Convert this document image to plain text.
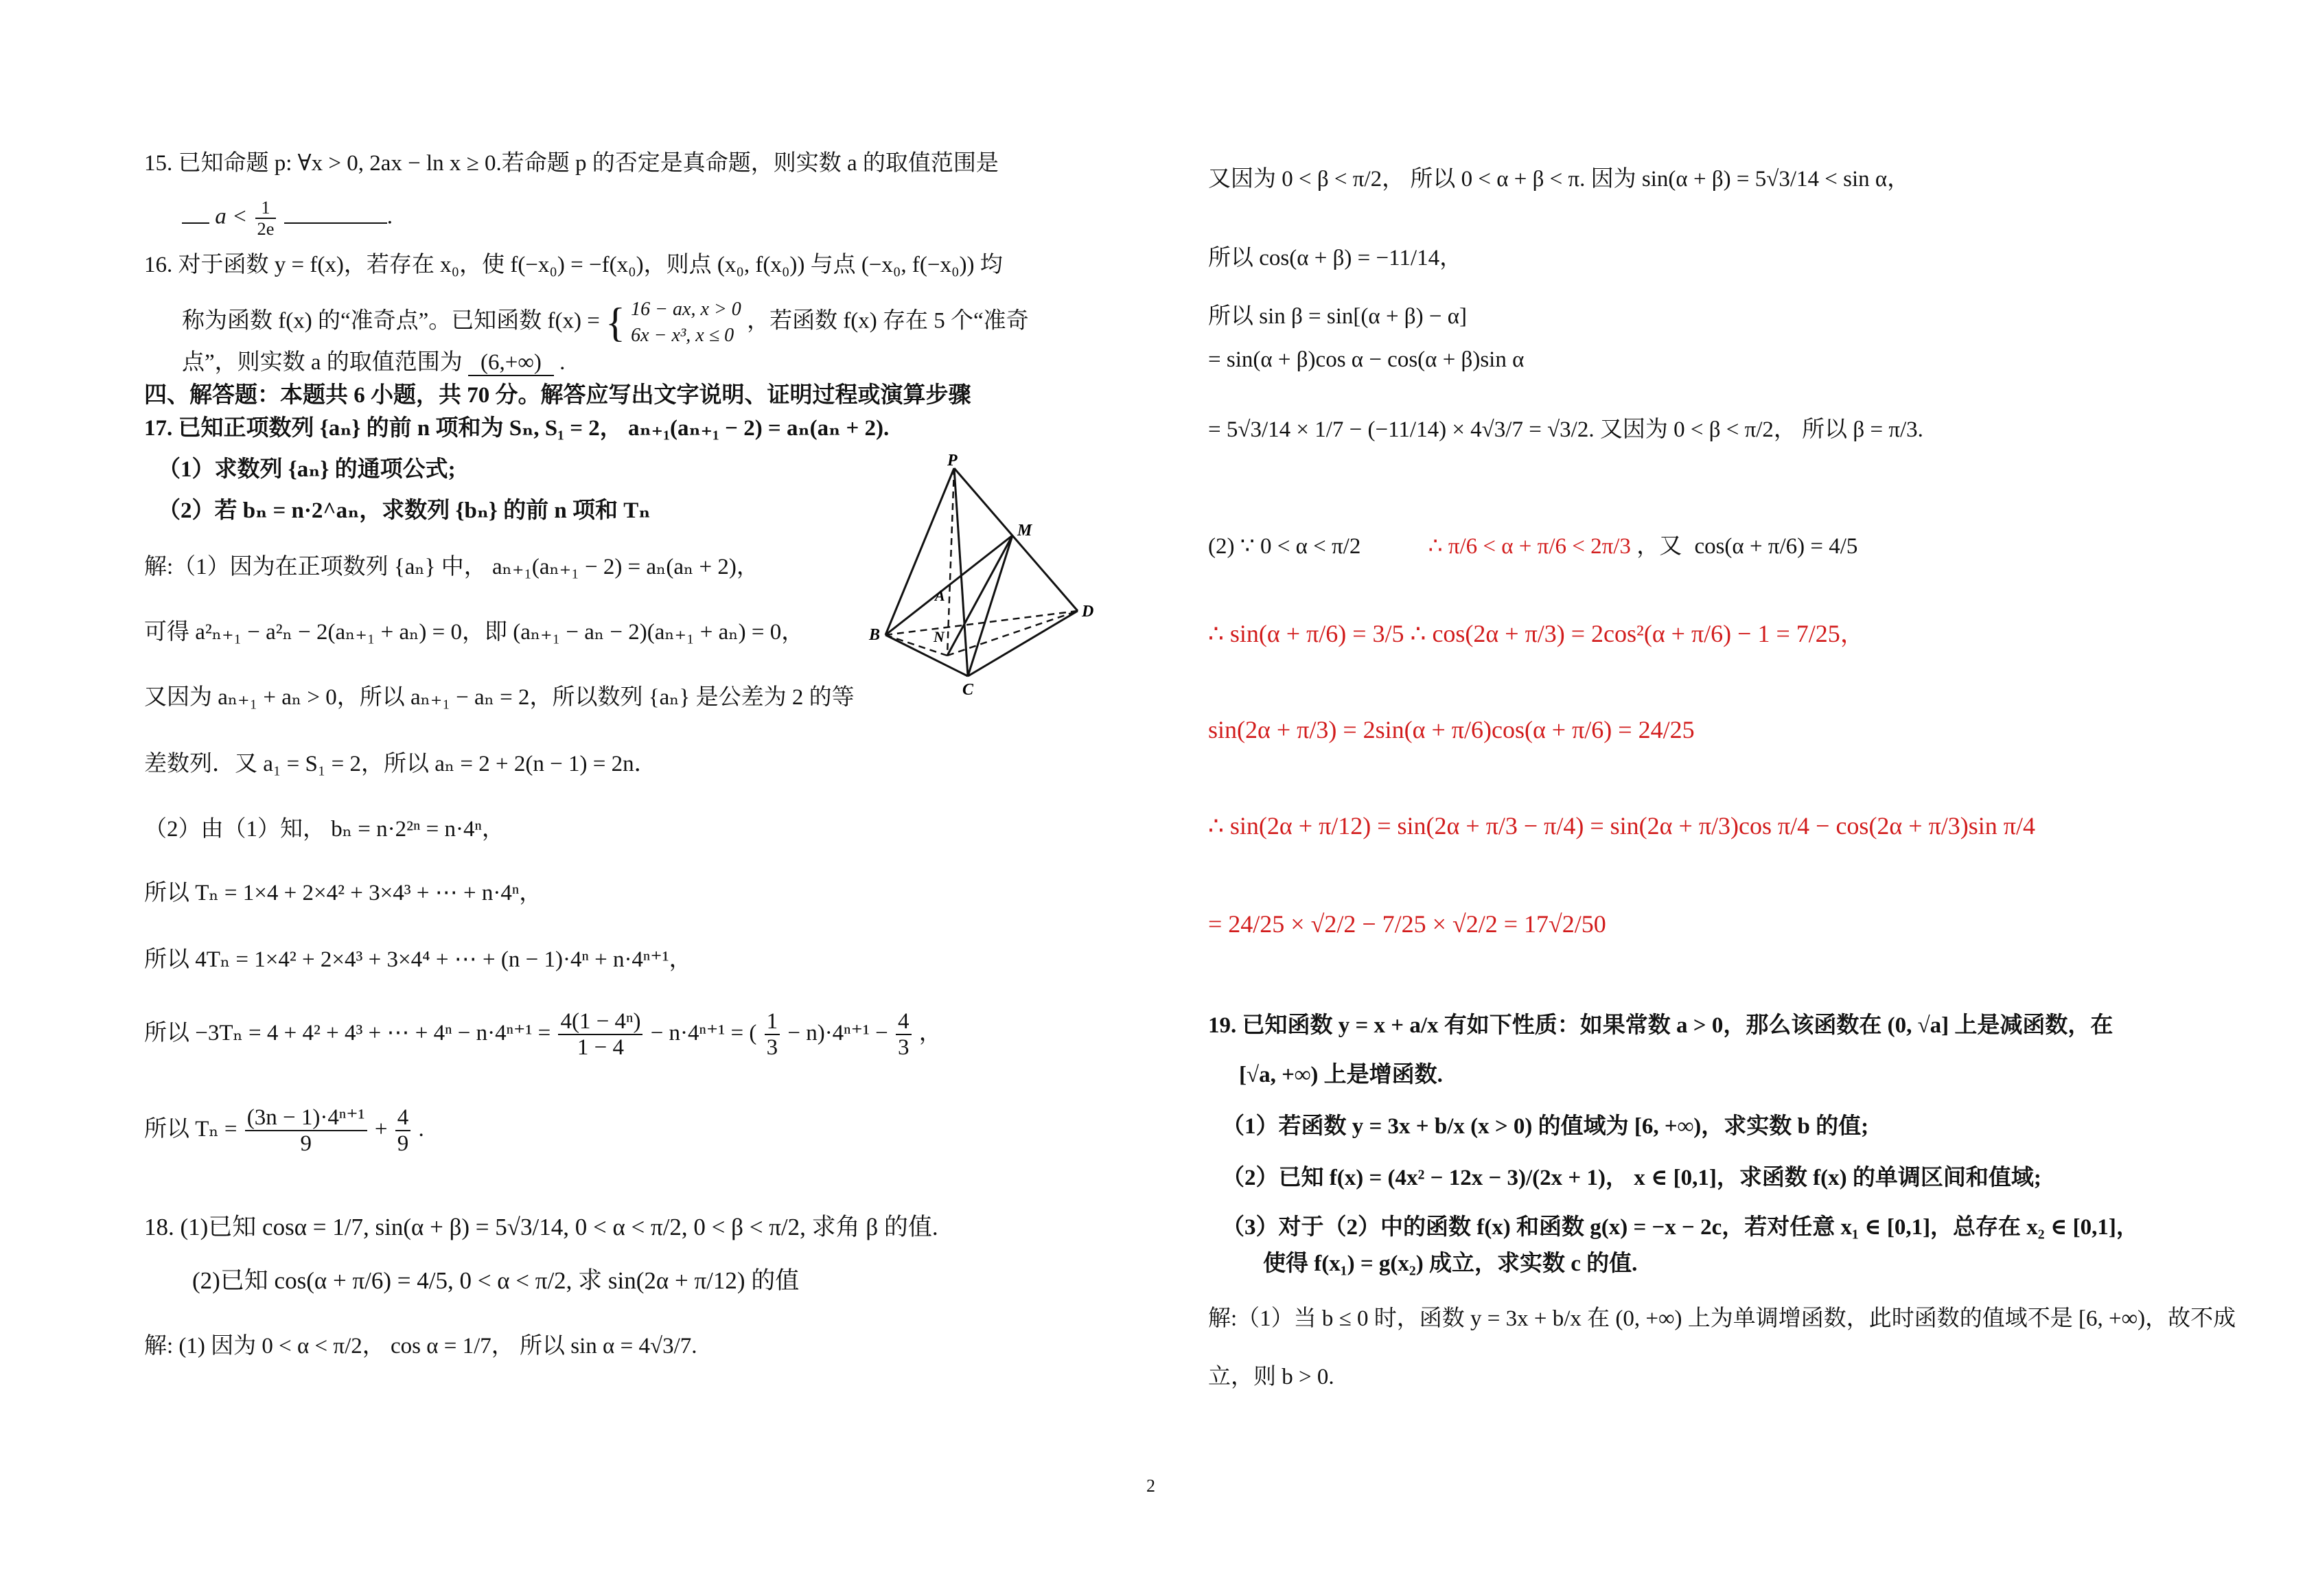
15. 已知命题 p: ∀x > 0, 2ax − ln x ≥ 0.若命题 p 的否定是真命题，则实数 a 的取值范围是
$a < \frac{1}{2e}$	.
16. 对于函数 y = f(x)，若存在 x₀，使 f(−x₀) = −f(x₀)，则点 (x₀, f(x₀)) 与点 (−x₀, f(−x₀)) 均
称为函数 f(x) 的“准奇点”。已知函数 f(x) = { 16 − ax, x > 0
6x − x³, x ≤ 0
，若函数 f(x) 存在 5 个“准奇
点”，则实数 a 的取值范围为 (6,+∞) .
四、解答题：本题共 6 小题，共 70 分。解答应写出文字说明、证明过程或演算步骤
17. 已知正项数列 {aₙ} 的前 n 项和为 Sₙ, S₁ = 2， aₙ₊₁(aₙ₊₁ − 2) = aₙ(aₙ + 2).
（1）求数列 {aₙ} 的通项公式;
（2）若 bₙ = n·2^aₙ，求数列 {bₙ} 的前 n 项和 Tₙ
解:（1）因为在正项数列 {aₙ} 中， aₙ₊₁(aₙ₊₁ − 2) = aₙ(aₙ + 2)，
可得 a²ₙ₊₁ − a²ₙ − 2(aₙ₊₁ + aₙ) = 0，即 (aₙ₊₁ − aₙ − 2)(aₙ₊₁ + aₙ) = 0，
又因为 aₙ₊₁ + aₙ > 0，所以 aₙ₊₁ − aₙ = 2，所以数列 {aₙ} 是公差为 2 的等
差数列．又 a₁ = S₁ = 2，所以 aₙ = 2 + 2(n − 1) = 2n．
（2）由（1）知， bₙ = n·2²ⁿ = n·4ⁿ，
所以 Tₙ = 1×4 + 2×4² + 3×4³ + ⋯ + n·4ⁿ，
所以 4Tₙ = 1×4² + 2×4³ + 3×4⁴ + ⋯ + (n − 1)·4ⁿ + n·4ⁿ⁺¹，
所以 −3Tₙ = 4 + 4² + 4³ + ⋯ + $4^n - n\cdot 4^{n+1} = \frac{\text{4(1 − 4ⁿ)}}{1 - 4} - n\cdot 4^{n+1}$ = ( $\frac{1}{3} - n)\cdot 4^{n+1} - \frac{4}{3}$ ，
所以 $T_n = \frac{\text{(3n − 1)·4ⁿ⁺¹}}{9} + \frac{4}{9}$ .
18. (1)已知 cosα = 1/7, sin(α + β) = 5√3/14, 0 < α < π/2, 0 < β < π/2, 求角 β 的值.
(2)已知 cos(α + π/6) = 4/5, 0 < α < π/2, 求 sin(2α + π/12) 的值
解: (1) 因为 0 < α < π/2， cos α = 1/7， 所以 sin α = 4√3/7.
P
M
A
B	N
D
C
又因为 0 < β < π/2， 所以 0 < α + β < π. 因为 sin(α + β) = 5√3/14 < sin α，
所以 cos(α + β) = −11/14，
所以 sin β = sin[(α + β) − α]
= sin(α + β)cos α − cos(α + β)sin α
= 5√3/14 × 1/7 − (−11/14) × 4√3/7 = √3/2. 又因为 0 < β < π/2， 所以 β = π/3.
(2) ∵ 0 < α < π/2	∴ π/6 < α + π/6 < 2π/3 ，又 cos(α + π/6) = 4/5
∴ sin(α + π/6) = 3/5 ∴ cos(2α + π/3) = 2cos²(α + π/6) − 1 = 7/25，
sin(2α + π/3) = 2sin(α + π/6)cos(α + π/6) = 24/25
∴ sin(2α + π/12) = sin(2α + π/3 − π/4) = sin(2α + π/3)cos π/4 − cos(2α + π/3)sin π/4
= 24/25 × √2/2 − 7/25 × √2/2 = 17√2/50
19. 已知函数 y = x + a/x 有如下性质：如果常数 a > 0，那么该函数在 (0, √a] 上是减函数，在
[√a, +∞) 上是增函数.
（1）若函数 y = 3x + b/x (x > 0) 的值域为 [6, +∞)，求实数 b 的值;
（2）已知 f(x) = (4x² − 12x − 3)/(2x + 1)， x ∈ [0,1]，求函数 f(x) 的单调区间和值域;
（3）对于（2）中的函数 f(x) 和函数 g(x) = −x − 2c，若对任意 x₁ ∈ [0,1]，总存在 x₂ ∈ [0,1]，
使得 f(x₁) = g(x₂) 成立，求实数 c 的值.
解:（1）当 b ≤ 0 时，函数 y = 3x + b/x 在 (0, +∞) 上为单调增函数，此时函数的值域不是 [6, +∞)，故不成
立，则 b > 0.
2
